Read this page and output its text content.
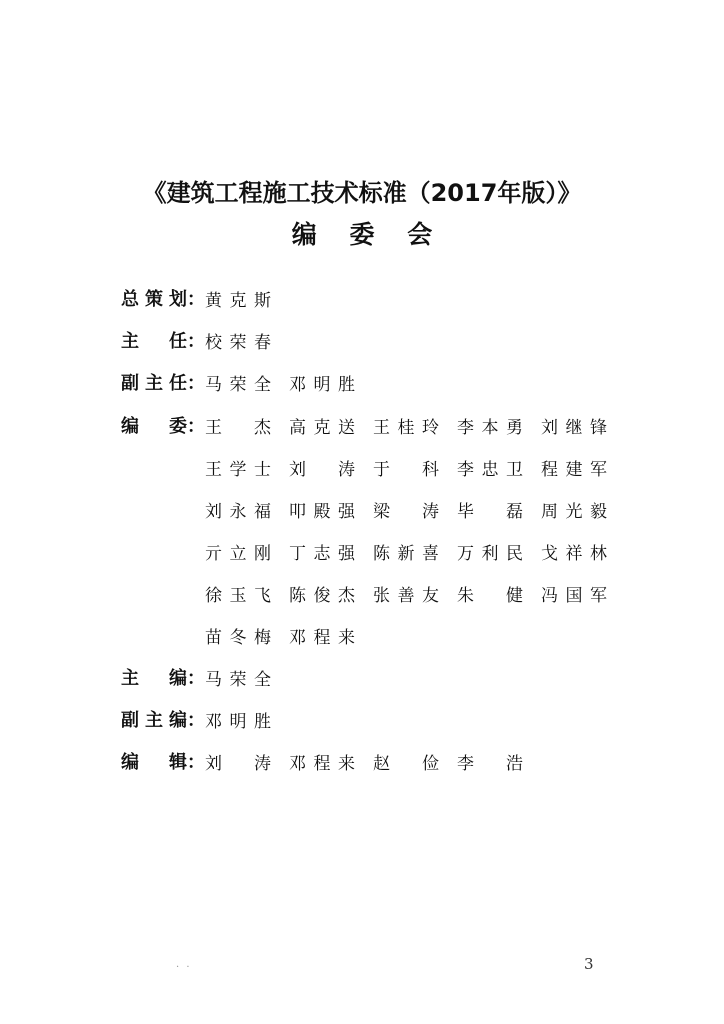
《建筑工程施工技术标准（2017年版）》
编 委 会
总策划 ： 黄克斯
主　任 ： 校荣春
副主任 ： 马荣全 邓明胜
编　委 ： 王　杰 高克送 王桂玲 李本勇 刘继锋
王学士 刘　涛 于　科 李忠卫 程建军
刘永福 叩殿强 梁　涛 毕　磊 周光毅
亓立刚 丁志强 陈新喜 万利民 戈祥林
徐玉飞 陈俊杰 张善友 朱　健 冯国军
苗冬梅 邓程来
主　编 ： 马荣全
副主编 ： 邓明胜
编　辑 ： 刘　涛 邓程来 赵　俭 李　浩
· ·	3
